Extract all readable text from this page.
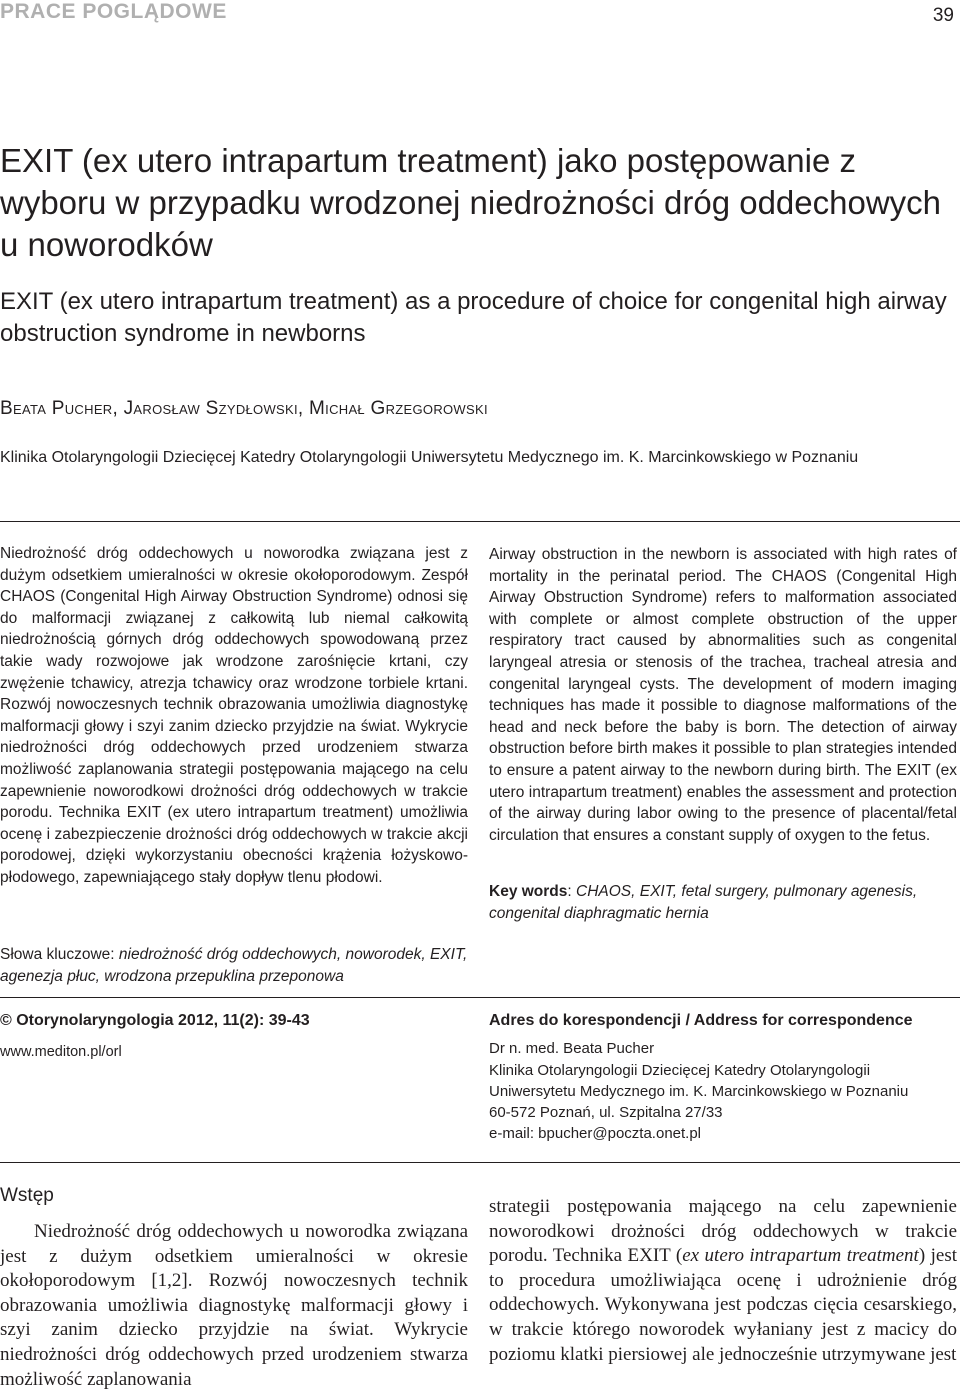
PRACE POGLĄDOWE	39
EXIT (ex utero intrapartum treatment) jako postępowanie z wyboru w przypadku wrodzonej niedrożności dróg oddechowych u noworodków
EXIT (ex utero intrapartum treatment) as a procedure of choice for congenital high airway obstruction syndrome in newborns
Beata Pucher, Jarosław Szydłowski, Michał Grzegorowski
Klinika Otolaryngologii Dziecięcej Katedry Otolaryngologii Uniwersytetu Medycznego im. K. Marcinkowskiego w Poznaniu

Niedrożność dróg oddechowych u noworodka związana jest z dużym odsetkiem umieralności w okresie okołoporodowym. Zespół CHAOS (Congenital High Airway Obstruction Syndrome) odnosi się do malformacji związanej z całkowitą lub niemal całkowitą niedrożnością górnych dróg oddechowych spowodowaną przez takie wady rozwojowe jak wrodzone zarośnięcie krtani, czy zwężenie tchawicy, atrezja tchawicy oraz wrodzone torbiele krtani. Rozwój nowoczesnych technik obrazowania umożliwia diagnostykę malformacji głowy i szyi zanim dziecko przyjdzie na świat. Wykrycie niedrożności dróg oddechowych przed urodzeniem stwarza możliwość zaplanowania strategii postępowania mającego na celu zapewnienie noworodkowi drożności dróg oddechowych w trakcie porodu. Technika EXIT (ex utero intrapartum treatment) umożliwia ocenę i zabezpieczenie drożności dróg oddechowych w trakcie akcji porodowej, dzięki wykorzystaniu obecności krążenia łożyskowo-płodowego, zapewniającego stały dopływ tlenu płodowi.

Airway obstruction in the newborn is associated with high rates of mortality in the perinatal period. The CHAOS (Congenital High Airway Obstruction Syndrome) refers to malformation associated with complete or almost complete obstruction of the upper respiratory tract caused by abnormalities such as congenital laryngeal atresia or stenosis of the trachea, tracheal atresia and congenital laryngeal cysts. The development of modern imaging techniques has made it possible to diagnose malformations of the head and neck before the baby is born. The detection of airway obstruction before birth makes it possible to plan strategies intended to ensure a patent airway to the newborn during birth. The EXIT (ex utero intrapartum treatment) enables the assessment and protection of the airway during labor owing to the presence of placental/fetal circulation that ensures a constant supply of oxygen to the fetus.

Słowa kluczowe: niedrożność dróg oddechowych, noworodek, EXIT, agenezja płuc, wrodzona przepuklina przeponowa
Key words: CHAOS, EXIT, fetal surgery, pulmonary agenesis, congenital diaphragmatic hernia
© Otorynolaryngologia 2012, 11(2): 39-43
www.mediton.pl/orl
Adres do korespondencji / Address for correspondence
Dr n. med. Beata Pucher
Klinika Otolaryngologii Dziecięcej Katedry Otolaryngologii
Uniwersytetu Medycznego im. K. Marcinkowskiego w Poznaniu
60-572 Poznań, ul. Szpitalna 27/33
e-mail: bpucher@poczta.onet.pl
Wstęp

Niedrożność dróg oddechowych u noworodka związana jest z dużym odsetkiem umieralności w okresie okołoporodowym [1,2]. Rozwój nowoczesnych technik obrazowania umożliwia diagnostykę malformacji głowy i szyi zanim dziecko przyjdzie na świat. Wykrycie niedrożności dróg oddechowych przed urodzeniem stwarza możliwość zaplanowania

strategii postępowania mającego na celu zapewnienie noworodkowi drożności dróg oddechowych w trakcie porodu. Technika EXIT (ex utero intrapartum treatment) jest to procedura umożliwiająca ocenę i udrożnienie dróg oddechowych. Wykonywana jest podczas cięcia cesarskiego, w trakcie którego noworodek wyłaniany jest z macicy do poziomu klatki piersiowej ale jednocześnie utrzymywane jest
